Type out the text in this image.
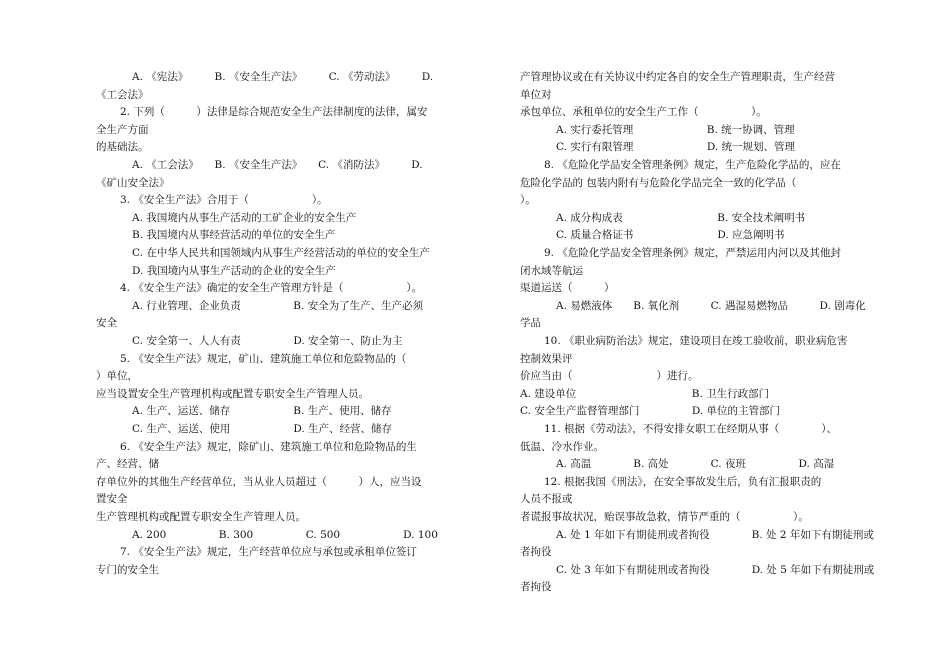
A. 《宪法》　　　B. 《安全生产法》　　　C. 《劳动法》　　　D.
《工会法》
2. 下列（　　　）法律是综合规范安全生产法律制度的法律，属安
全生产方面
的基础法。
A. 《工会法》　　B. 《安全生产法》　　C. 《消防法》　　　D.
《矿山安全法》
3. 《安全生产法》合用于（　　　　　　）。
A. 我国境内从事生产活动的工矿企业的安全生产
B. 我国境内从事经营活动的单位的安全生产
C. 在中华人民共和国领域内从事生产经营活动的单位的安全生产
D. 我国境内从事生产活动的企业的安全生产
4. 《安全生产法》确定的安全生产管理方针是（　　　　　　）。
A. 行业管理、企业负责　　　　　B. 安全为了生产、生产必须
安全
C. 安全第一、人人有责　　　　　D. 安全第一、防止为主
5. 《安全生产法》规定，矿山、建筑施工单位和危险物品的（
）单位，
应当设置安全生产管理机构或配置专职安全生产管理人员。
A. 生产、运送、储存　　　　　　B. 生产、使用、储存
C. 生产、运送、使用　　　　　　D. 生产、经营、储存
6. 《安全生产法》规定，除矿山、建筑施工单位和危险物品的生
产、经营、储
存单位外的其他生产经营单位，当从业人员超过（　　　）人，应当设
置安全
生产管理机构或配置专职安全生产管理人员。
A. 200　　　　　B. 300　　　　　C. 500　　　　　　D. 100
7. 《安全生产法》规定，生产经营单位应与承包或承租单位签订
专门的安全生
产管理协议或在有关协议中约定各自的安全生产管理职责，生产经营
单位对
承包单位、承租单位的安全生产工作（　　　　　）。
A. 实行委托管理　　　　　　　B. 统一协调、管理
C. 实行有限管理　　　　　　　D. 统一规划、管理
8. 《危险化学品安全管理条例》规定，生产危险化学品的，应在
危险化学品的 包装内附有与危险化学品完全一致的化学品（
）。
A. 成分构成表　　　　　　　　　B. 安全技术阐明书
C. 质量合格证书　　　　　　　　D. 应急阐明书
9. 《危险化学品安全管理条例》规定，严禁运用内河以及其他封
闭水域等航运
渠道运送（　　　）
A. 易燃液体　　B. 氧化剂　　　C. 遇湿易燃物品　　　D. 剧毒化
学品
10. 《职业病防治法》规定，建设项目在竣工验收前，职业病危害
控制效果评
价应当由（　　　　　　　　）进行。
A. 建设单位　　　　　　　　　　　B. 卫生行政部门
C. 安全生产监督管理部门　　　　　D. 单位的主管部门
11. 根据《劳动法》，不得安排女职工在经期从事（　　　　）、
低温、冷水作业。
A. 高温　　　　B. 高处　　　　C. 夜班　　　　　D. 高湿
12. 根据我国《刑法》，在安全事故发生后，负有汇报职责的
人员不报或
者谎报事故状况，贻误事故急救，情节严重的（　　　　　）。
A. 处 1 年如下有期徒刑或者拘役　　　　B. 处 2 年如下有期徒刑或
者拘役
C. 处 3 年如下有期徒刑或者拘役　　　　D. 处 5 年如下有期徒刑或
者拘役
